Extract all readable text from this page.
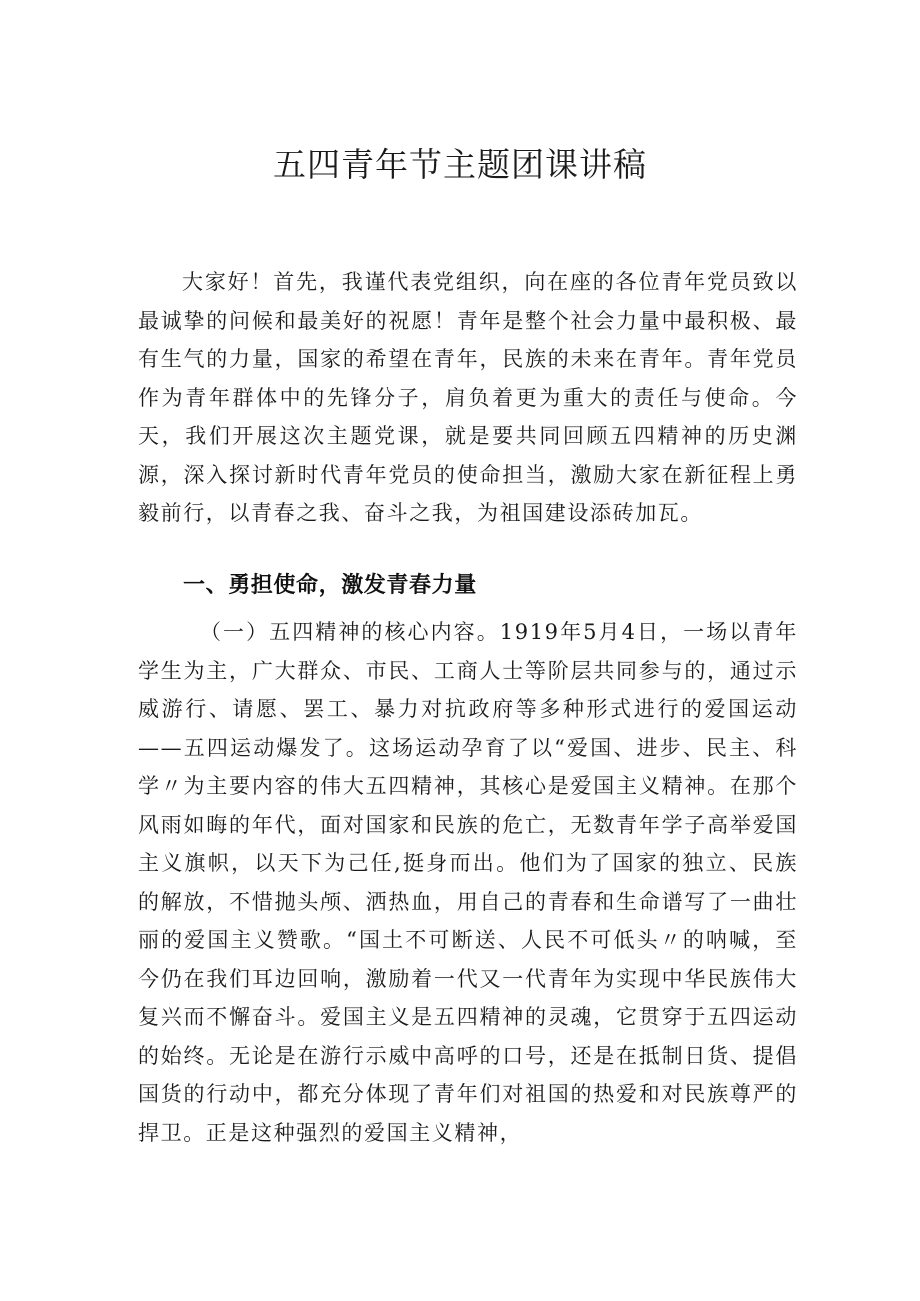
五四青年节主题团课讲稿

大家好！首先，我谨代表党组织，向在座的各位青年党员致以最诚挚的问候和最美好的祝愿！青年是整个社会力量中最积极、最有生气的力量，国家的希望在青年，民族的未来在青年。青年党员作为青年群体中的先锋分子，肩负着更为重大的责任与使命。今天，我们开展这次主题党课，就是要共同回顾五四精神的历史渊源，深入探讨新时代青年党员的使命担当，激励大家在新征程上勇毅前行，以青春之我、奋斗之我，为祖国建设添砖加瓦。

一、勇担使命，激发青春力量

（一）五四精神的核心内容。1919年5月4日，一场以青年学生为主，广大群众、市民、工商人士等阶层共同参与的，通过示威游行、请愿、罢工、暴力对抗政府等多种形式进行的爱国运动——五四运动爆发了。这场运动孕育了以“爱国、进步、民主、科学〃为主要内容的伟大五四精神，其核心是爱国主义精神。在那个风雨如晦的年代，面对国家和民族的危亡，无数青年学子高举爱国主义旗帜，以天下为己任,挺身而出。他们为了国家的独立、民族的解放，不惜抛头颅、洒热血，用自己的青春和生命谱写了一曲壮丽的爱国主义赞歌。“国土不可断送、人民不可低头〃的呐喊，至今仍在我们耳边回响，激励着一代又一代青年为实现中华民族伟大复兴而不懈奋斗。爱国主义是五四精神的灵魂，它贯穿于五四运动的始终。无论是在游行示威中高呼的口号，还是在抵制日货、提倡国货的行动中，都充分体现了青年们对祖国的热爱和对民族尊严的捍卫。正是这种强烈的爱国主义精神，
